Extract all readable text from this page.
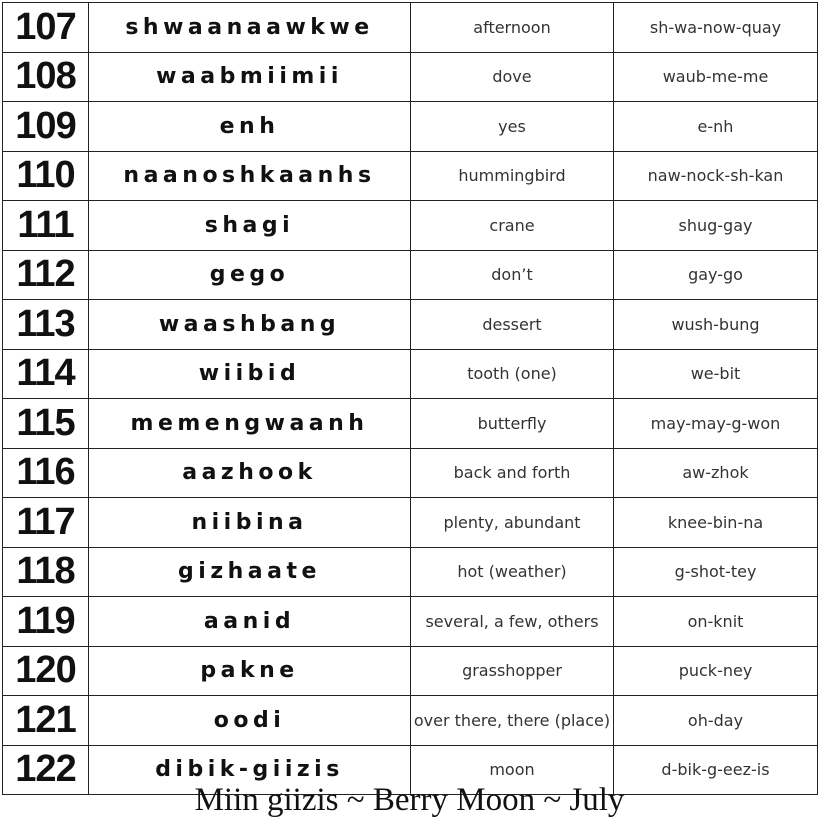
107	shwaanaawkwe	afternoon	sh-wa-now-quay
108	waabmiimii	dove	waub-me-me
109	enh	yes	e-nh
110	naanoshkaanhs	hummingbird	naw-nock-sh-kan
111	shagi	crane	shug-gay
112	gego	don’t	gay-go
113	waashbang	dessert	wush-bung
114	wiibid	tooth (one)	we-bit
115	memengwaanh	butterfly	may-may-g-won
116	aazhook	back and forth	aw-zhok
117	niibina	plenty, abundant	knee-bin-na
118	gizhaate	hot (weather)	g-shot-tey
119	aanid	several, a few, others	on-knit
120	pakne	grasshopper	puck-ney
121	oodi	over there, there (place)	oh-day
122	dibik-giizis	moon	d-bik-g-eez-is
Miin giizis ~ Berry Moon ~ July
